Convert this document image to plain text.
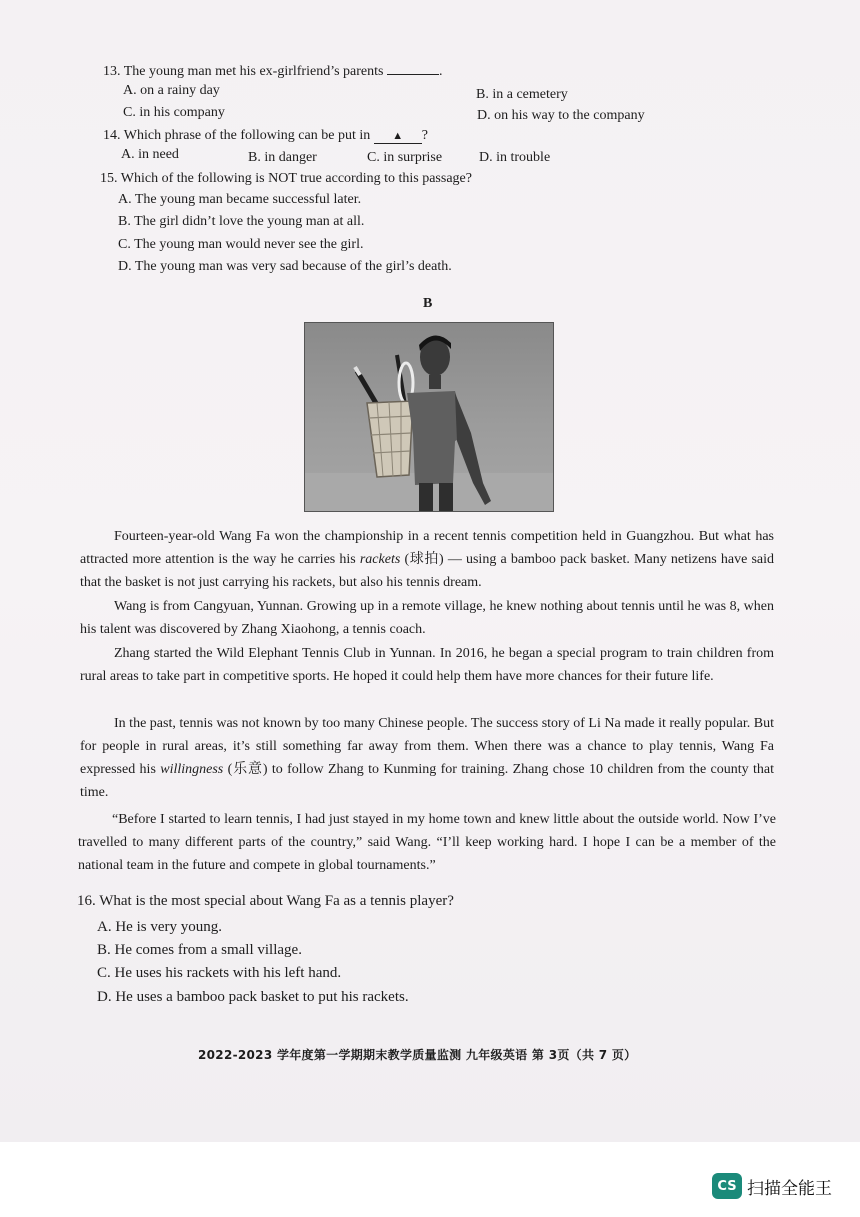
13. The young man met his ex-girlfriend’s parents	.
A. on a rainy day	B. in a cemetery
C. in his company	D. on his way to the company
14. Which phrase of the following can be put in ▲ ?
A. in need	B. in danger	C. in surprise	D. in trouble
15. Which of the following is NOT true according to this passage?
A. The young man became successful later.
B. The girl didn’t love the young man at all.
C. The young man would never see the girl.
D. The young man was very sad because of the girl’s death.
B
Fourteen-year-old Wang Fa won the championship in a recent tennis competition held in Guangzhou. But what has attracted more attention is the way he carries his rackets (球拍) — using a bamboo pack basket. Many netizens have said that the basket is not just carrying his rackets, but also his tennis dream.
Wang is from Cangyuan, Yunnan. Growing up in a remote village, he knew nothing about tennis until he was 8, when his talent was discovered by Zhang Xiaohong, a tennis coach.
Zhang started the Wild Elephant Tennis Club in Yunnan. In 2016, he began a special program to train children from rural areas to take part in competitive sports. He hoped it could help them have more chances for their future life.
In the past, tennis was not known by too many Chinese people. The success story of Li Na made it really popular. But for people in rural areas, it’s still something far away from them. When there was a chance to play tennis, Wang Fa expressed his willingness (乐意) to follow Zhang to Kunming for training. Zhang chose 10 children from the county that time.
“Before I started to learn tennis, I had just stayed in my home town and knew little about the outside world. Now I’ve travelled to many different parts of the country,” said Wang. “I’ll keep working hard. I hope I can be a member of the national team in the future and compete in global tournaments.”
16. What is the most special about Wang Fa as a tennis player?
A. He is very young.
B. He comes from a small village.
C. He uses his rackets with his left hand.
D. He uses a bamboo pack basket to put his rackets.
2022-2023 学年度第一学期期末教学质量监测 九年级英语 第 3页（共 7 页）
CS 扫描全能王
